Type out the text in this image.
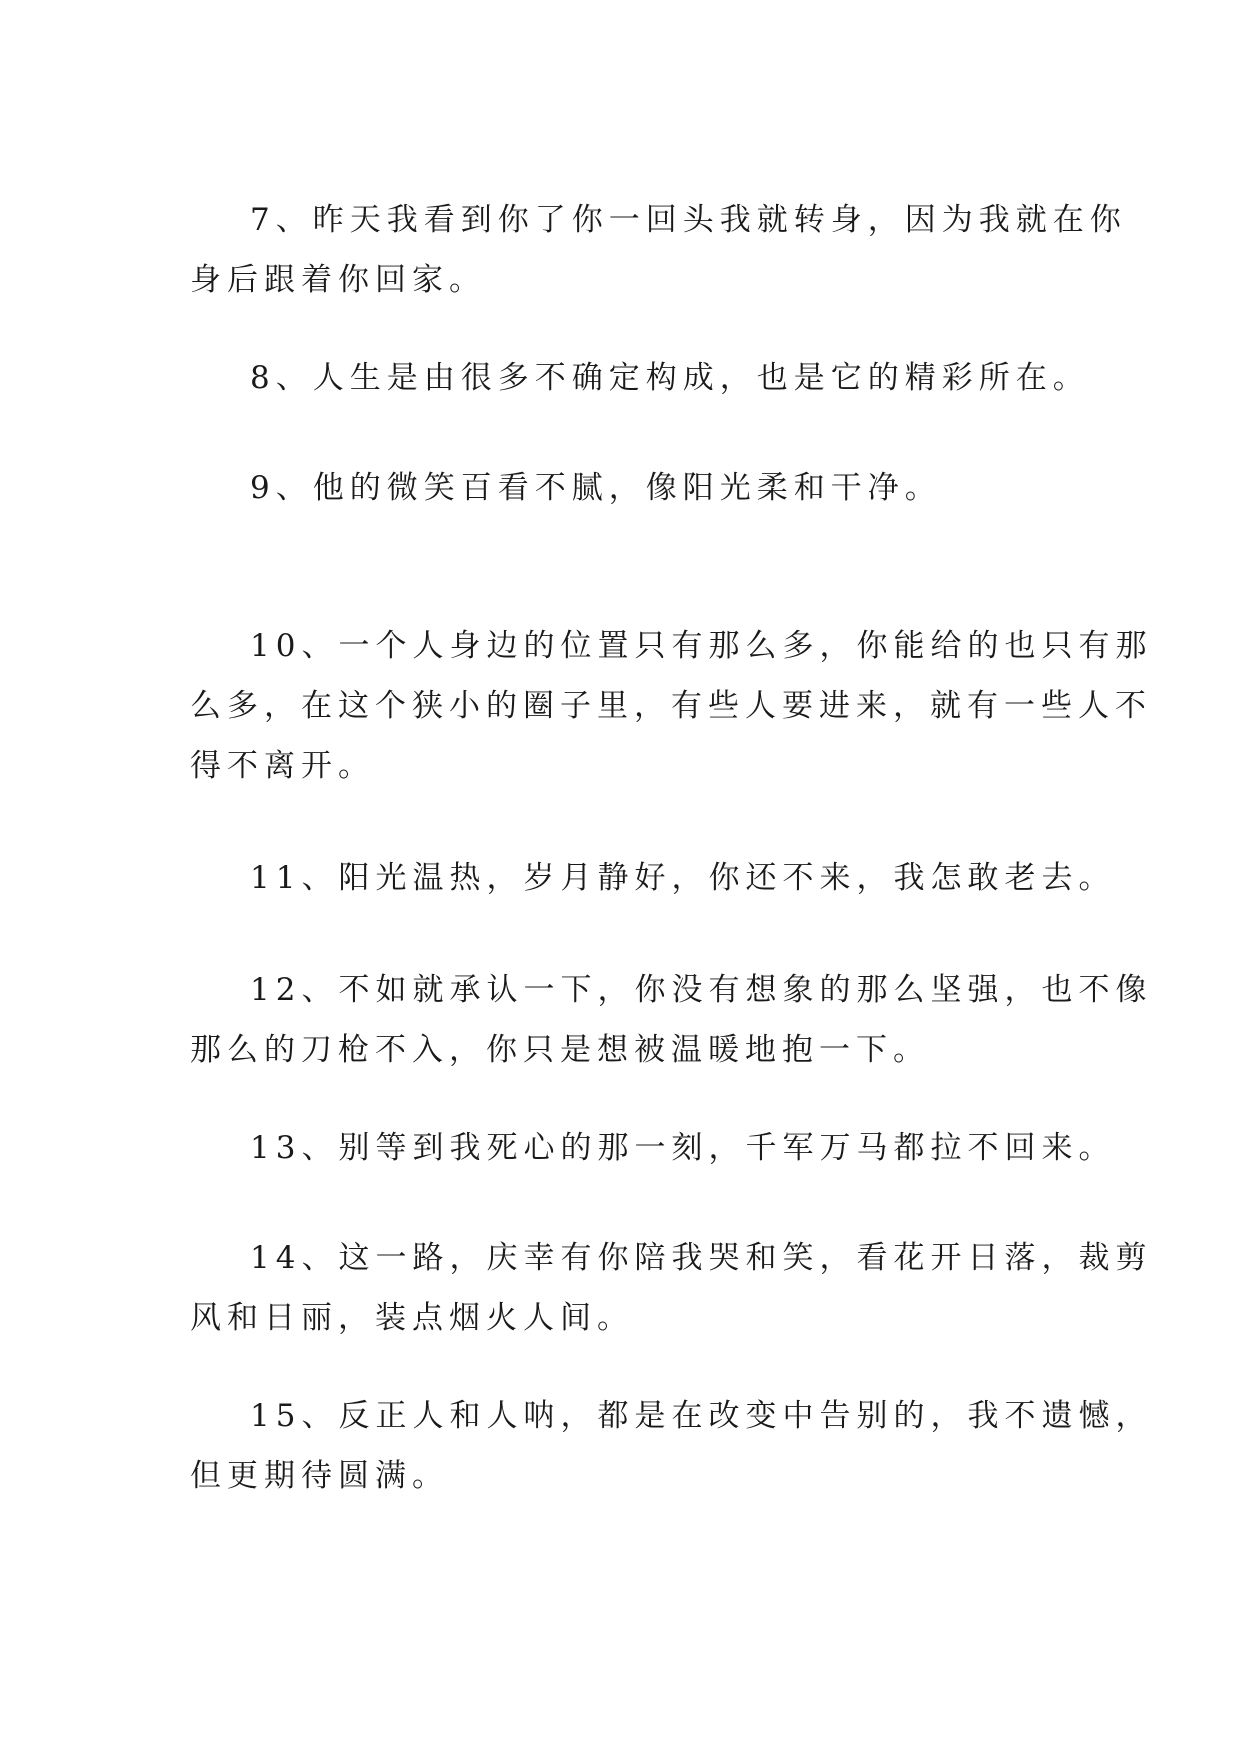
7、昨天我看到你了你一回头我就转身，因为我就在你
身后跟着你回家。
8、人生是由很多不确定构成，也是它的精彩所在。
9、他的微笑百看不腻，像阳光柔和干净。
10、一个人身边的位置只有那么多，你能给的也只有那
么多，在这个狭小的圈子里，有些人要进来，就有一些人不
得不离开。
11、阳光温热，岁月静好，你还不来，我怎敢老去。
12、不如就承认一下，你没有想象的那么坚强，也不像
那么的刀枪不入，你只是想被温暖地抱一下。
13、别等到我死心的那一刻，千军万马都拉不回来。
14、这一路，庆幸有你陪我哭和笑，看花开日落，裁剪
风和日丽，装点烟火人间。
15、反正人和人呐，都是在改变中告别的，我不遗憾，
但更期待圆满。
